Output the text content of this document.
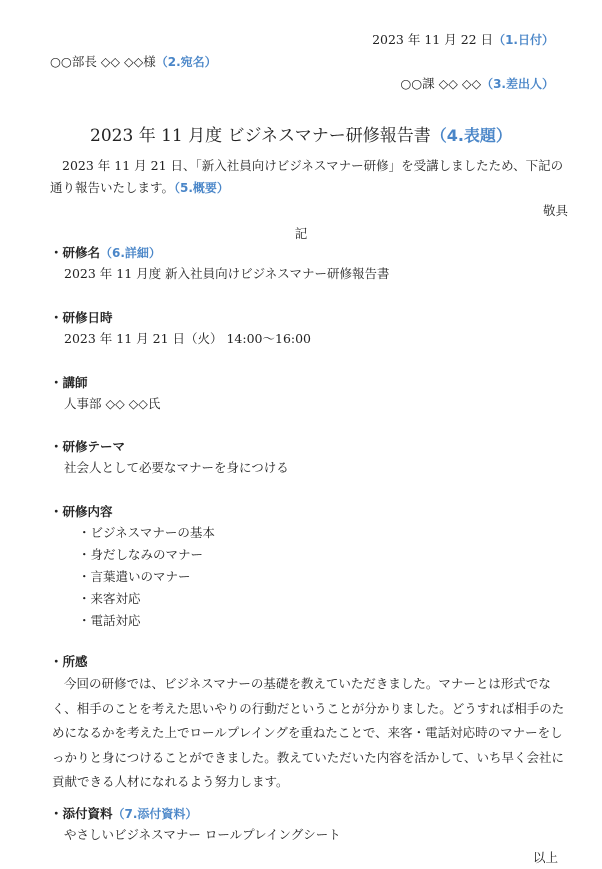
2023 年 11 月 22 日（1.日付）
○○部長 ◇◇ ◇◇様（2.宛名）
○○課 ◇◇ ◇◇（3.差出人）
2023 年 11 月度 ビジネスマナー研修報告書（4.表題）
2023 年 11 月 21 日、「新入社員向けビジネスマナー研修」を受講しましたため、下記の通り報告いたします。（5.概要）
敬具
記
・研修名（6.詳細）
2023 年 11 月度 新入社員向けビジネスマナー研修報告書
・研修日時
2023 年 11 月 21 日（火） 14:00〜16:00
・講師
人事部 ◇◇ ◇◇氏
・研修テーマ
社会人として必要なマナーを身につける
・研修内容
・ビジネスマナーの基本
・身だしなみのマナー
・言葉遣いのマナー
・来客対応
・電話対応
・所感
今回の研修では、ビジネスマナーの基礎を教えていただきました。マナーとは形式でなく、相手のことを考えた思いやりの行動だということが分かりました。どうすれば相手のためになるかを考えた上でロールプレイングを重ねたことで、来客・電話対応時のマナーをしっかりと身につけることができました。教えていただいた内容を活かして、いち早く会社に貢献できる人材になれるよう努力します。
・添付資料（7.添付資料）
やさしいビジネスマナー ロールプレイングシート
以上
